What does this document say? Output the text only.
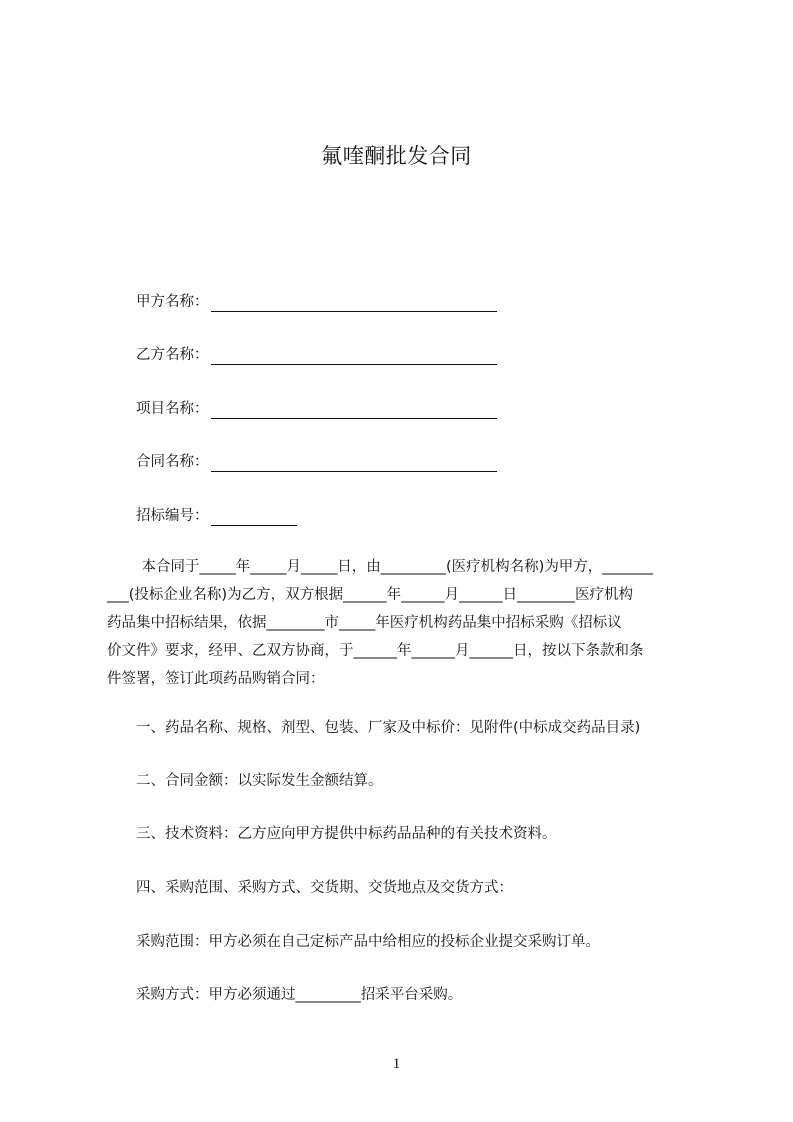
氟喹酮批发合同
甲方名称：
乙方名称：
项目名称：
合同名称：
招标编号：
　本合同于_____年_____月_____日，由_________(医疗机构名称)为甲方，_______
___(投标企业名称)为乙方，双方根据______年______月______日________医疗机构
药品集中招标结果，依据________市_____年医疗机构药品集中招标采购《招标议
价文件》要求，经甲、乙双方协商，于______年______月______日，按以下条款和条
件签署，签订此项药品购销合同：
一、药品名称、规格、剂型、包装、厂家及中标价：见附件(中标成交药品目录)
二、合同金额：以实际发生金额结算。
三、技术资料：乙方应向甲方提供中标药品品种的有关技术资料。
四、采购范围、采购方式、交货期、交货地点及交货方式：
采购范围：甲方必须在自己定标产品中给相应的投标企业提交采购订单。
采购方式：甲方必须通过_________招采平台采购。
1
